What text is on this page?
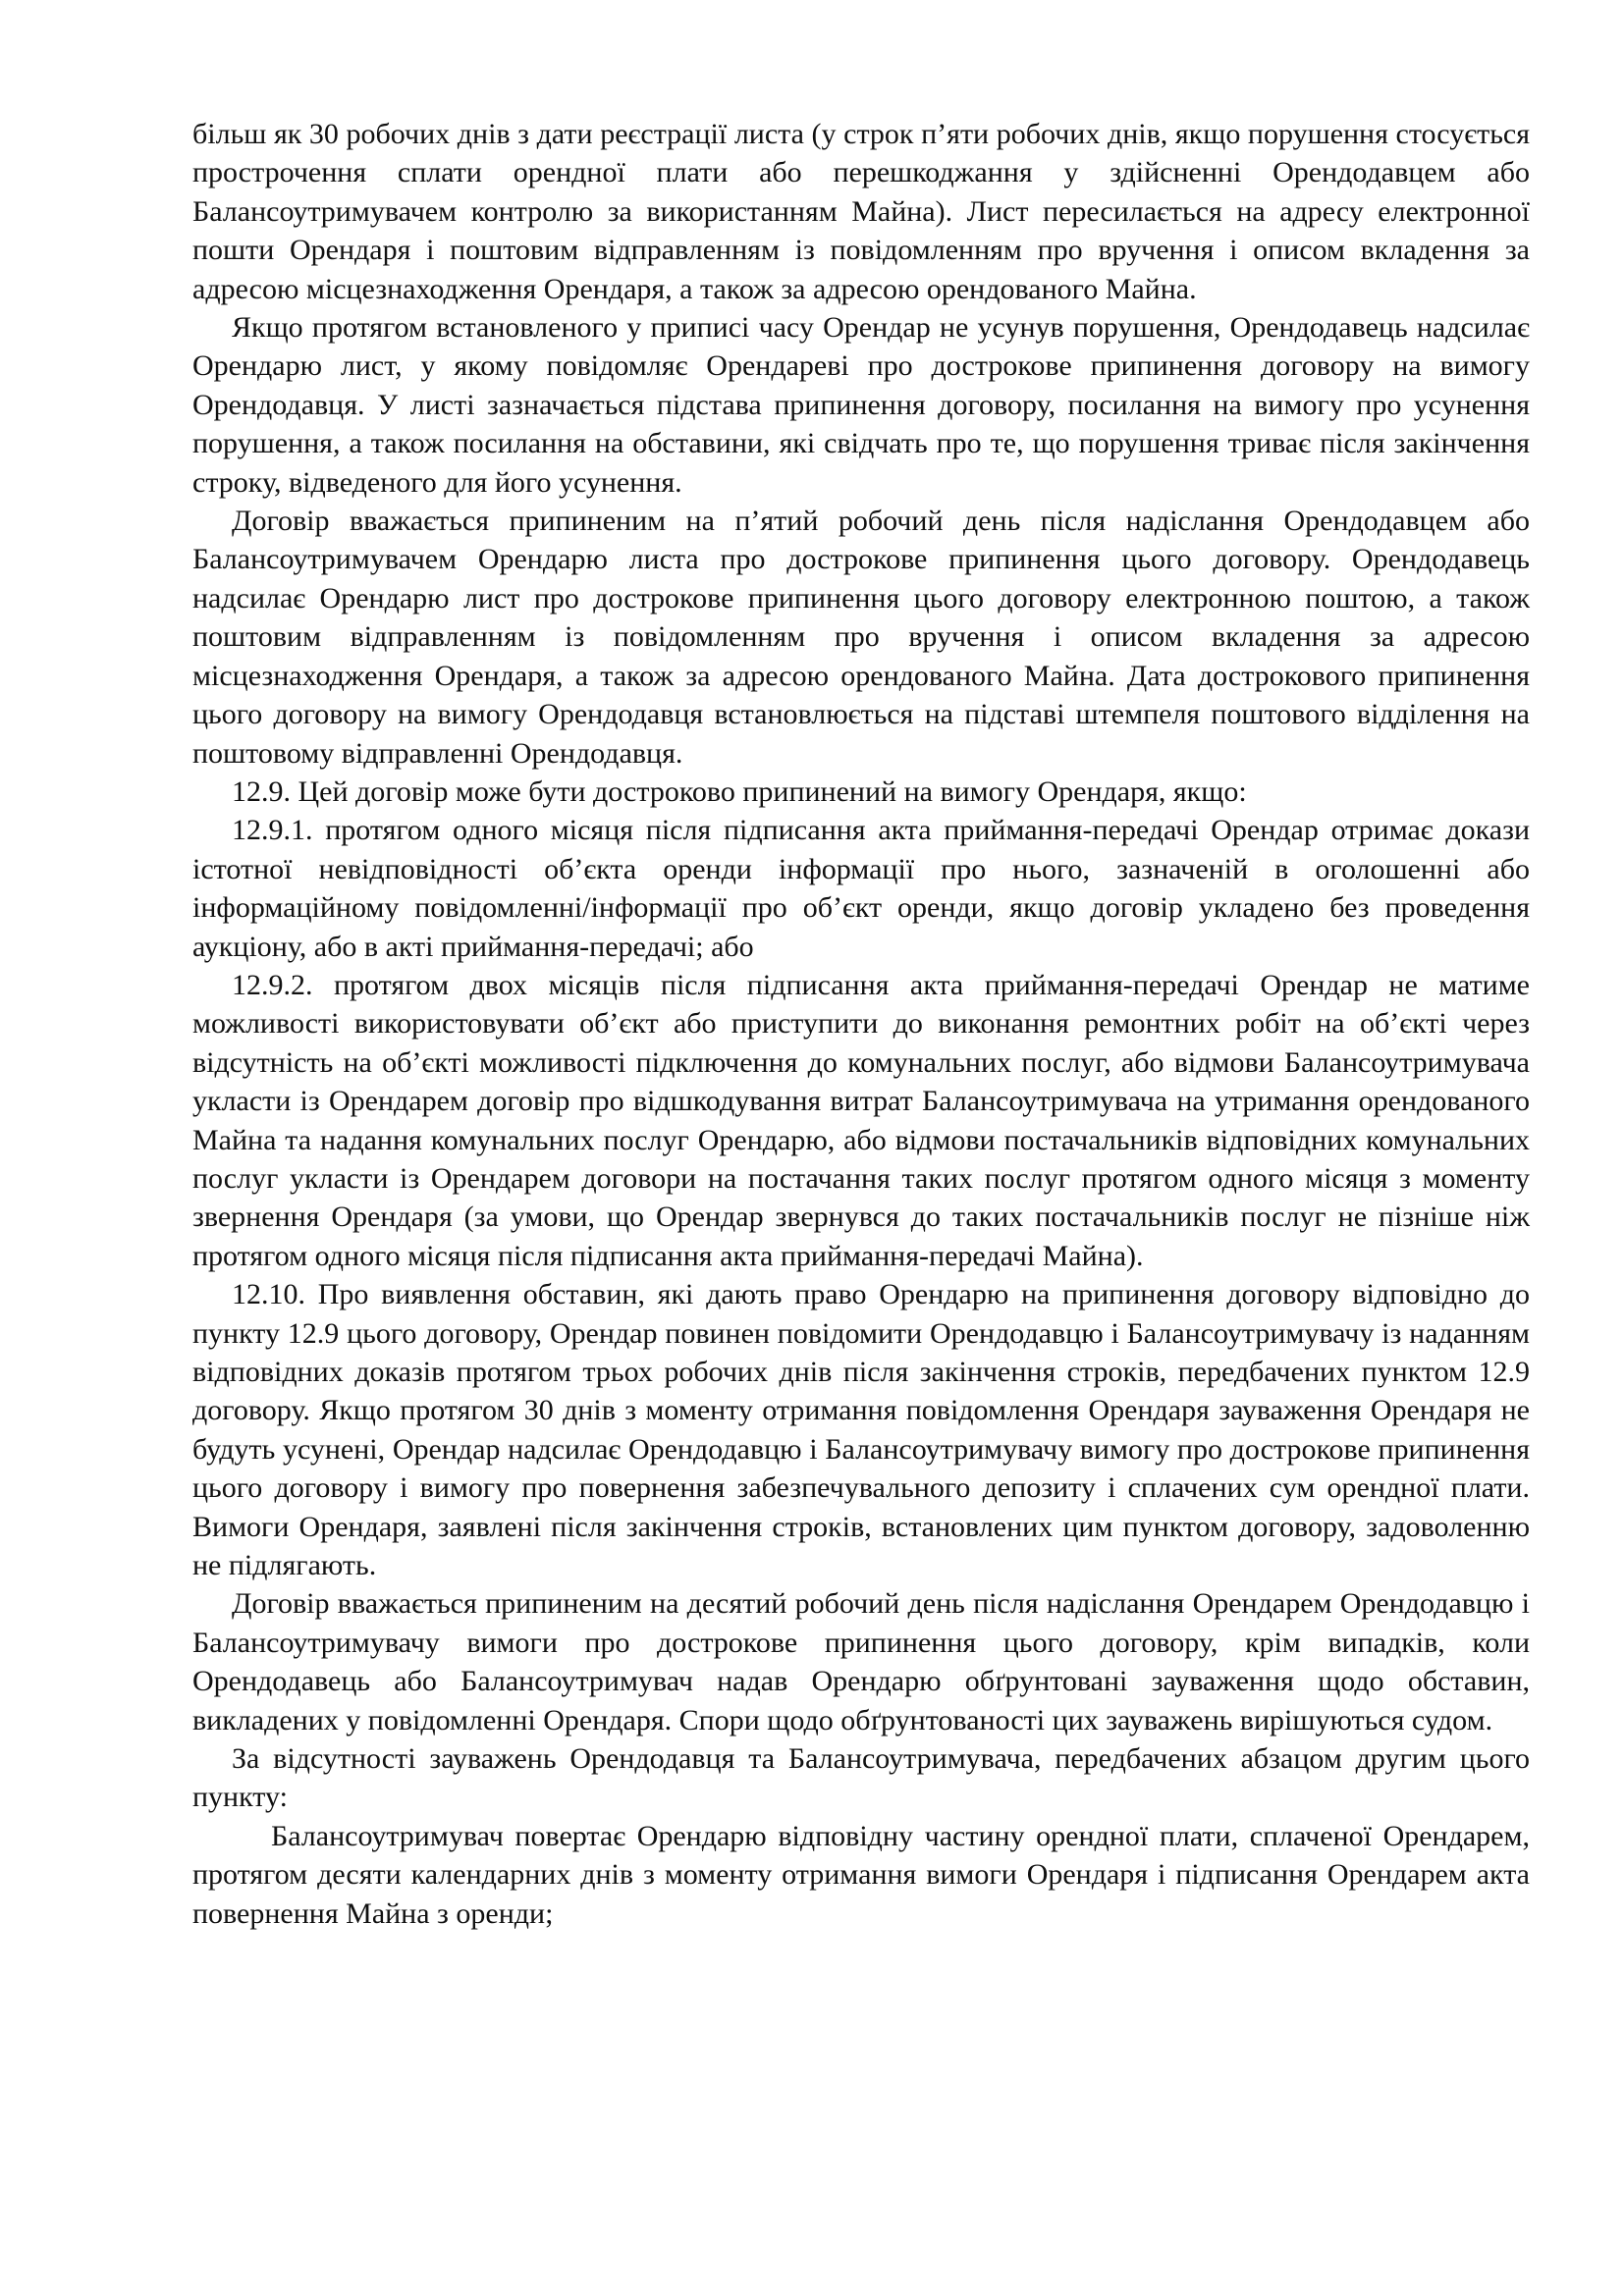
більш як 30 робочих днів з дати реєстрації листа (у строк п’яти робочих днів, якщо порушення стосується прострочення сплати орендної плати або перешкоджання у здійсненні Орендодавцем або Балансоутримувачем контролю за використанням Майна). Лист пересилається на адресу електронної пошти Орендаря і поштовим відправленням із повідомленням про вручення і описом вкладення за адресою місцезнаходження Орендаря, а також за адресою орендованого Майна.

Якщо протягом встановленого у приписі часу Орендар не усунув порушення, Орендодавець надсилає Орендарю лист, у якому повідомляє Орендареві про дострокове припинення договору на вимогу Орендодавця. У листі зазначається підстава припинення договору, посилання на вимогу про усунення порушення, а також посилання на обставини, які свідчать про те, що порушення триває після закінчення строку, відведеного для його усунення.

Договір вважається припиненим на п’ятий робочий день після надіслання Орендодавцем або Балансоутримувачем Орендарю листа про дострокове припинення цього договору. Орендодавець надсилає Орендарю лист про дострокове припинення цього договору електронною поштою, а також поштовим відправленням із повідомленням про вручення і описом вкладення за адресою місцезнаходження Орендаря, а також за адресою орендованого Майна. Дата дострокового припинення цього договору на вимогу Орендодавця встановлюється на підставі штемпеля поштового відділення на поштовому відправленні Орендодавця.

12.9. Цей договір може бути достроково припинений на вимогу Орендаря, якщо:

12.9.1. протягом одного місяця після підписання акта приймання-передачі Орендар отримає докази істотної невідповідності об’єкта оренди інформації про нього, зазначеній в оголошенні або інформаційному повідомленні/інформації про об’єкт оренди, якщо договір укладено без проведення аукціону, або в акті приймання-передачі; або

12.9.2. протягом двох місяців після підписання акта приймання-передачі Орендар не матиме можливості використовувати об’єкт або приступити до виконання ремонтних робіт на об’єкті через відсутність на об’єкті можливості підключення до комунальних послуг, або відмови Балансоутримувача укласти із Орендарем договір про відшкодування витрат Балансоутримувача на утримання орендованого Майна та надання комунальних послуг Орендарю, або відмови постачальників відповідних комунальних послуг укласти із Орендарем договори на постачання таких послуг протягом одного місяця з моменту звернення Орендаря (за умови, що Орендар звернувся до таких постачальників послуг не пізніше ніж протягом одного місяця після підписання акта приймання-передачі Майна).

12.10. Про виявлення обставин, які дають право Орендарю на припинення договору відповідно до пункту 12.9 цього договору, Орендар повинен повідомити Орендодавцю і Балансоутримувачу із наданням відповідних доказів протягом трьох робочих днів після закінчення строків, передбачених пунктом 12.9 договору. Якщо протягом 30 днів з моменту отримання повідомлення Орендаря зауваження Орендаря не будуть усунені, Орендар надсилає Орендодавцю і Балансоутримувачу вимогу про дострокове припинення цього договору і вимогу про повернення забезпечувального депозиту і сплачених сум орендної плати. Вимоги Орендаря, заявлені після закінчення строків, встановлених цим пунктом договору, задоволенню не підлягають.

Договір вважається припиненим на десятий робочий день після надіслання Орендарем Орендодавцю і Балансоутримувачу вимоги про дострокове припинення цього договору, крім випадків, коли Орендодавець або Балансоутримувач надав Орендарю обґрунтовані зауваження щодо обставин, викладених у повідомленні Орендаря. Спори щодо обґрунтованості цих зауважень вирішуються судом.

За відсутності зауважень Орендодавця та Балансоутримувача, передбачених абзацом другим цього пункту:

Балансоутримувач повертає Орендарю відповідну частину орендної плати, сплаченої Орендарем, протягом десяти календарних днів з моменту отримання вимоги Орендаря і підписання Орендарем акта повернення Майна з оренди;
